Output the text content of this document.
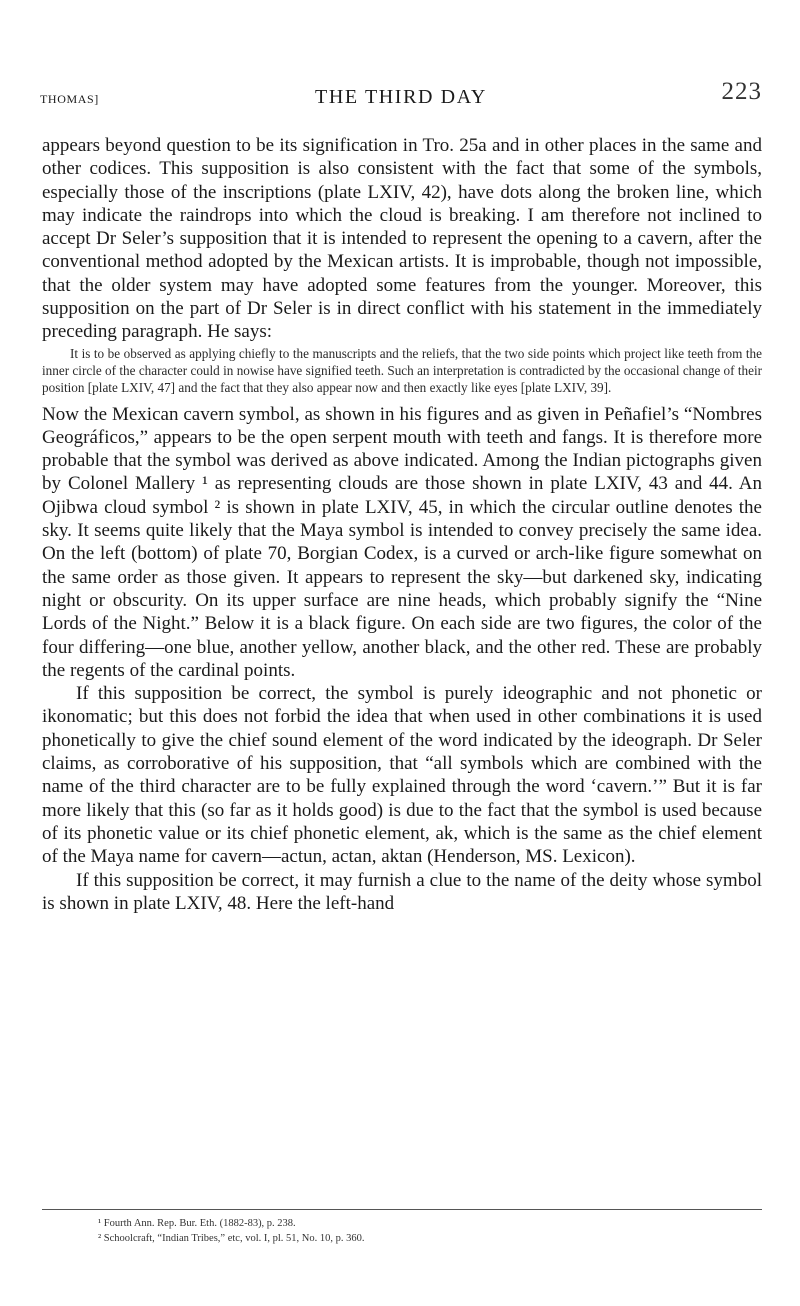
THOMAS]	THE THIRD DAY	223

appears beyond question to be its signification in Tro. 25a and in other places in the same and other codices. This supposition is also consistent with the fact that some of the symbols, especially those of the inscriptions (plate LXIV, 42), have dots along the broken line, which may indicate the raindrops into which the cloud is breaking. I am therefore not inclined to accept Dr Seler’s supposition that it is intended to represent the opening to a cavern, after the conventional method adopted by the Mexican artists. It is improbable, though not impossible, that the older system may have adopted some features from the younger. Moreover, this supposition on the part of Dr Seler is in direct conflict with his statement in the immediately preceding paragraph. He says:

It is to be observed as applying chiefly to the manuscripts and the reliefs, that the two side points which project like teeth from the inner circle of the character could in nowise have signified teeth. Such an interpretation is contradicted by the occasional change of their position [plate LXIV, 47] and the fact that they also appear now and then exactly like eyes [plate LXIV, 39].

Now the Mexican cavern symbol, as shown in his figures and as given in Peñafiel’s “Nombres Geográficos,” appears to be the open serpent mouth with teeth and fangs. It is therefore more probable that the symbol was derived as above indicated. Among the Indian pictographs given by Colonel Mallery ¹ as representing clouds are those shown in plate LXIV, 43 and 44. An Ojibwa cloud symbol ² is shown in plate LXIV, 45, in which the circular outline denotes the sky. It seems quite likely that the Maya symbol is intended to convey precisely the same idea. On the left (bottom) of plate 70, Borgian Codex, is a curved or arch-like figure somewhat on the same order as those given. It appears to represent the sky—but darkened sky, indicating night or obscurity. On its upper surface are nine heads, which probably signify the “Nine Lords of the Night.” Below it is a black figure. On each side are two figures, the color of the four differing—one blue, another yellow, another black, and the other red. These are probably the regents of the cardinal points.

If this supposition be correct, the symbol is purely ideographic and not phonetic or ikonomatic; but this does not forbid the idea that when used in other combinations it is used phonetically to give the chief sound element of the word indicated by the ideograph. Dr Seler claims, as corroborative of his supposition, that “all symbols which are combined with the name of the third character are to be fully explained through the word ‘cavern.’” But it is far more likely that this (so far as it holds good) is due to the fact that the symbol is used because of its phonetic value or its chief phonetic element, ak, which is the same as the chief element of the Maya name for cavern—actun, actan, aktan (Henderson, MS. Lexicon).

If this supposition be correct, it may furnish a clue to the name of the deity whose symbol is shown in plate LXIV, 48. Here the left-hand

¹ Fourth Ann. Rep. Bur. Eth. (1882-83), p. 238.

² Schoolcraft, “Indian Tribes,” etc, vol. I, pl. 51, No. 10, p. 360.
